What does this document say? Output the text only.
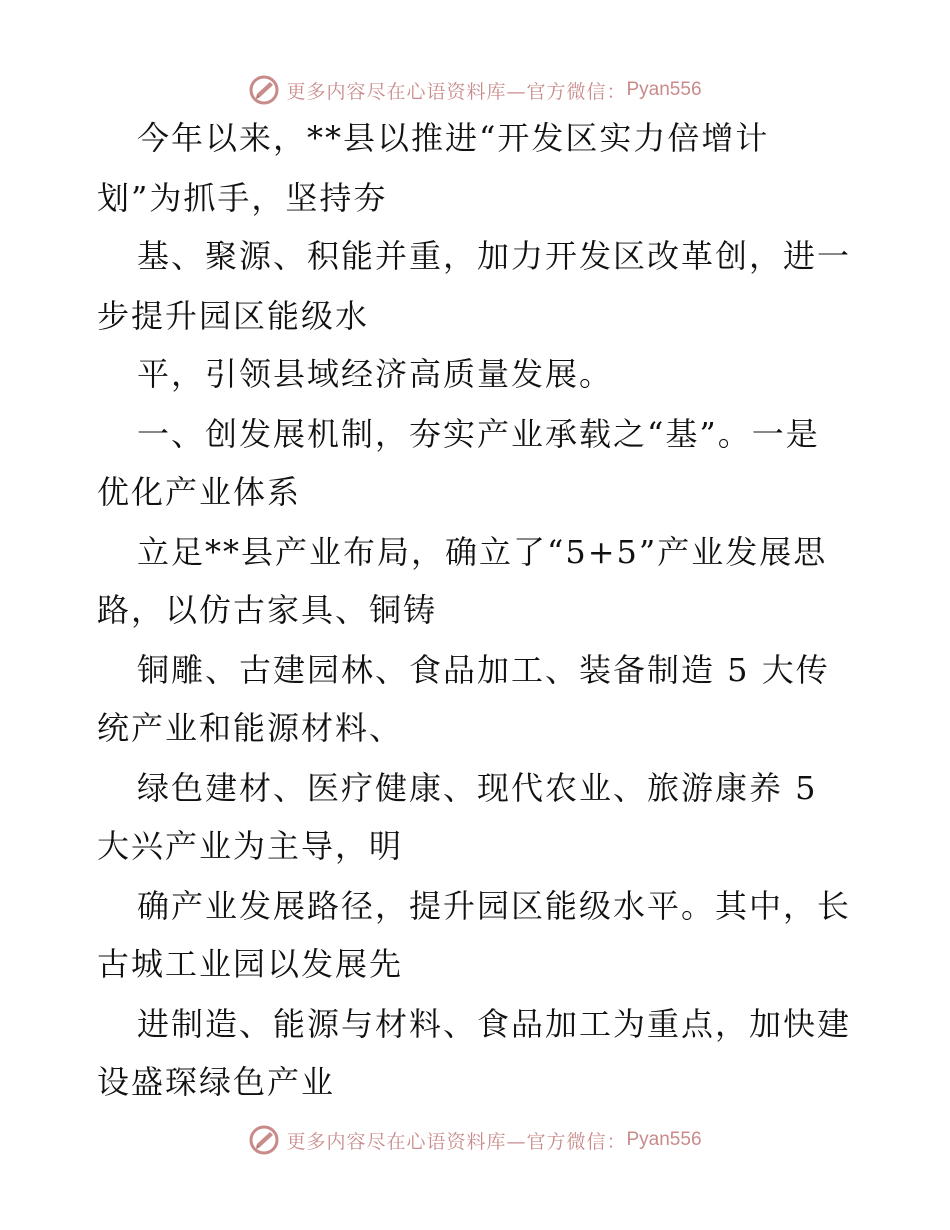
更多内容尽在心语资料库—官方微信： Pyan556
今年以来，**县以推进“开发区实力倍增计
划”为抓手，坚持夯
基、聚源、积能并重，加力开发区改革创，进一
步提升园区能级水
平，引领县域经济高质量发展。
一、创发展机制，夯实产业承载之“基”。一是
优化产业体系
立足**县产业布局，确立了“5+5”产业发展思
路，以仿古家具、铜铸
铜雕、古建园林、食品加工、装备制造 5 大传
统产业和能源材料、
绿色建材、医疗健康、现代农业、旅游康养 5
大兴产业为主导，明
确产业发展路径，提升园区能级水平。其中，长
古城工业园以发展先
进制造、能源与材料、食品加工为重点，加快建
设盛琛绿色产业
更多内容尽在心语资料库—官方微信： Pyan556
